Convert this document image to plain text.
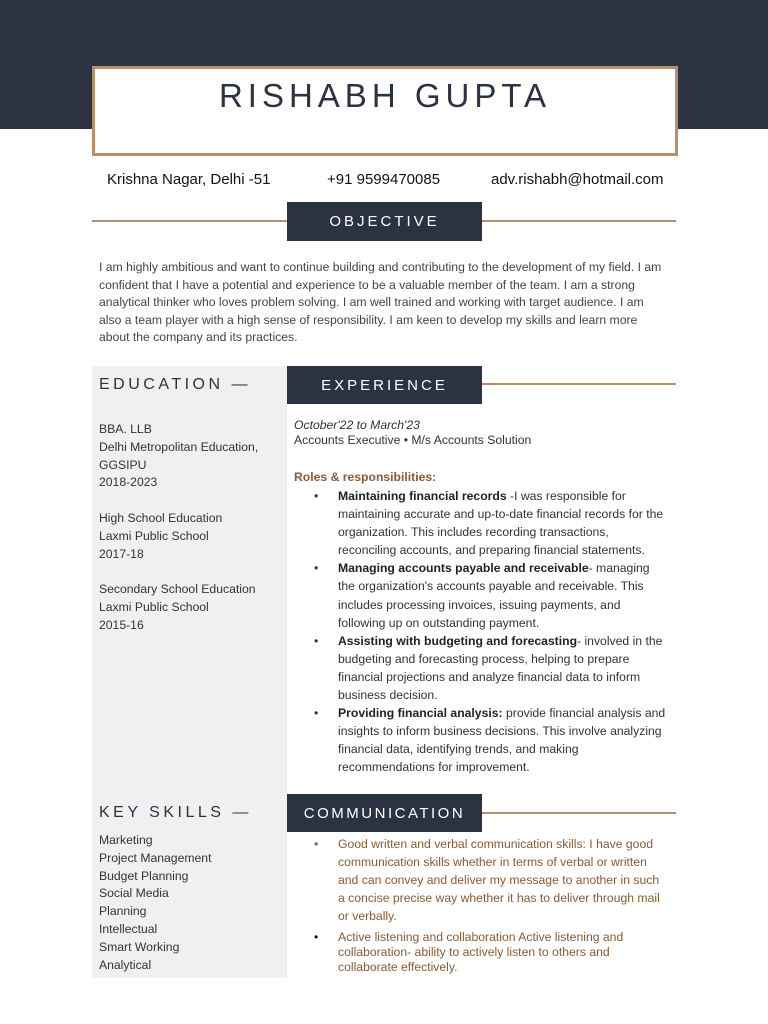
RISHABH GUPTA
Krishna Nagar, Delhi -51	+91 9599470085	adv.rishabh@hotmail.com
OBJECTIVE

I am highly ambitious and want to continue building and contributing to the development of my field. I am confident that I have a potential and experience to be a valuable member of the team. I am a strong analytical thinker who loves problem solving. I am well trained and working with target audience. I am also a team player with a high sense of responsibility. I am keen to develop my skills and learn more about the company and its practices.

EDUCATION —
BBA. LLB
Delhi Metropolitan Education,
GGSIPU
2018-2023
High School Education
Laxmi Public School
2017-18
Secondary School Education
Laxmi Public School
2015-16
EXPERIENCE
October'22 to March'23
Accounts Executive • M/s Accounts Solution
Roles & responsibilities:
• Maintaining financial records -I was responsible for maintaining accurate and up-to-date financial records for the organization. This includes recording transactions, reconciling accounts, and preparing financial statements.
• Managing accounts payable and receivable- managing the organization's accounts payable and receivable. This includes processing invoices, issuing payments, and following up on outstanding payment.
• Assisting with budgeting and forecasting- involved in the budgeting and forecasting process, helping to prepare financial projections and analyze financial data to inform business decision.
• Providing financial analysis: provide financial analysis and insights to inform business decisions. This involve analyzing financial data, identifying trends, and making recommendations for improvement.
KEY SKILLS —
Marketing
Project Management
Budget Planning
Social Media
Planning
Intellectual
Smart Working
Analytical
COMMUNICATION
• Good written and verbal communication skills: I have good communication skills whether in terms of verbal or written and can convey and deliver my message to another in such a concise precise way whether it has to deliver through mail or verbally.
• Active listening and collaboration Active listening and collaboration- ability to actively listen to others and collaborate effectively.
